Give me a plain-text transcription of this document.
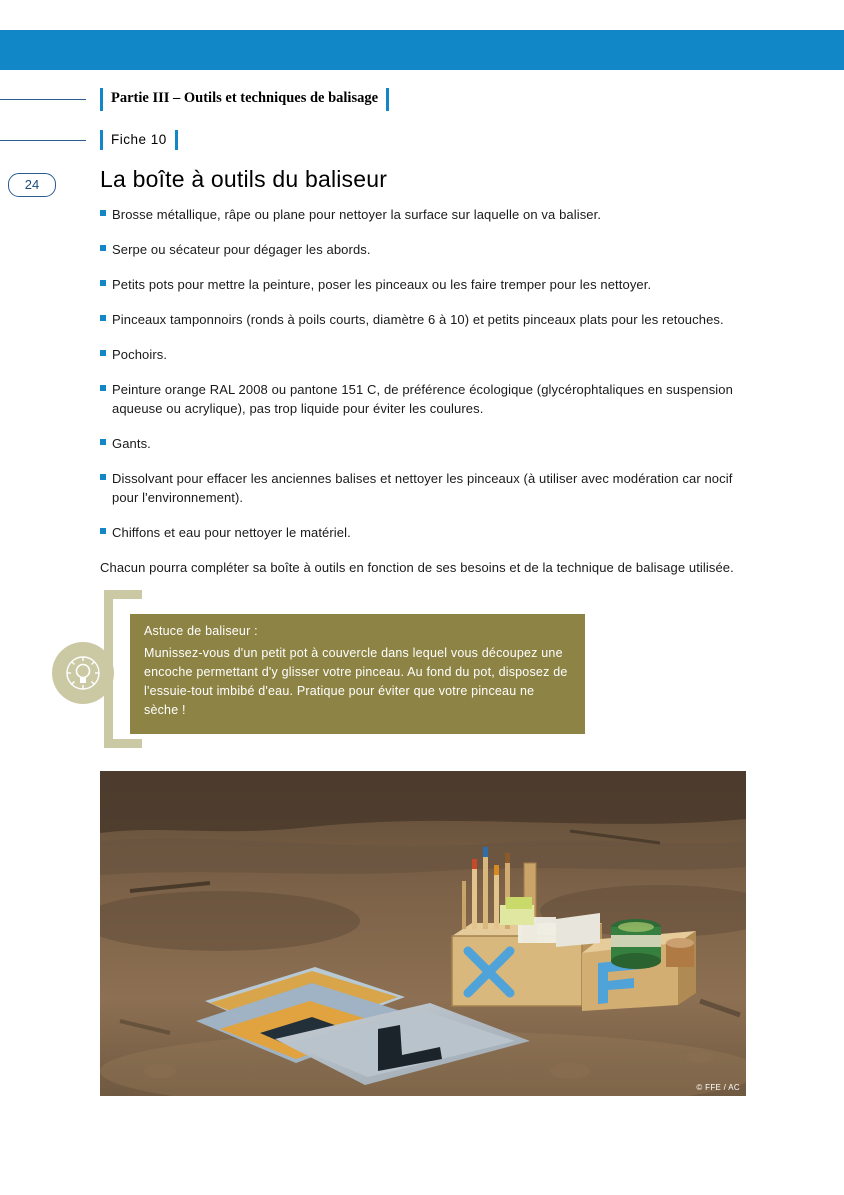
24
Partie III – Outils et techniques de balisage
Fiche 10
La boîte à outils du baliseur
Brosse métallique, râpe ou plane pour nettoyer la surface sur laquelle on va baliser.
Serpe ou sécateur pour dégager les abords.
Petits pots pour mettre la peinture, poser les pinceaux ou les faire tremper pour les nettoyer.
Pinceaux tamponnoirs (ronds à poils courts, diamètre 6 à 10) et petits pinceaux plats pour les retouches.
Pochoirs.
Peinture orange RAL 2008 ou pantone 151 C, de préférence écologique (glycérophtaliques en suspension aqueuse ou acrylique), pas trop liquide pour éviter les coulures.
Gants.
Dissolvant pour effacer les anciennes balises et nettoyer les pinceaux (à utiliser avec modération car nocif pour l'environnement).
Chiffons et eau pour nettoyer le matériel.
Chacun pourra compléter sa boîte à outils en fonction de ses besoins et de la technique de balisage utilisée.
Astuce de baliseur :
Munissez-vous d'un petit pot à couvercle dans lequel vous découpez une encoche permettant d'y glisser votre pinceau. Au fond du pot, disposez de l'essuie-tout imbibé d'eau. Pratique pour éviter que votre pinceau ne sèche !
© FFE / AC
